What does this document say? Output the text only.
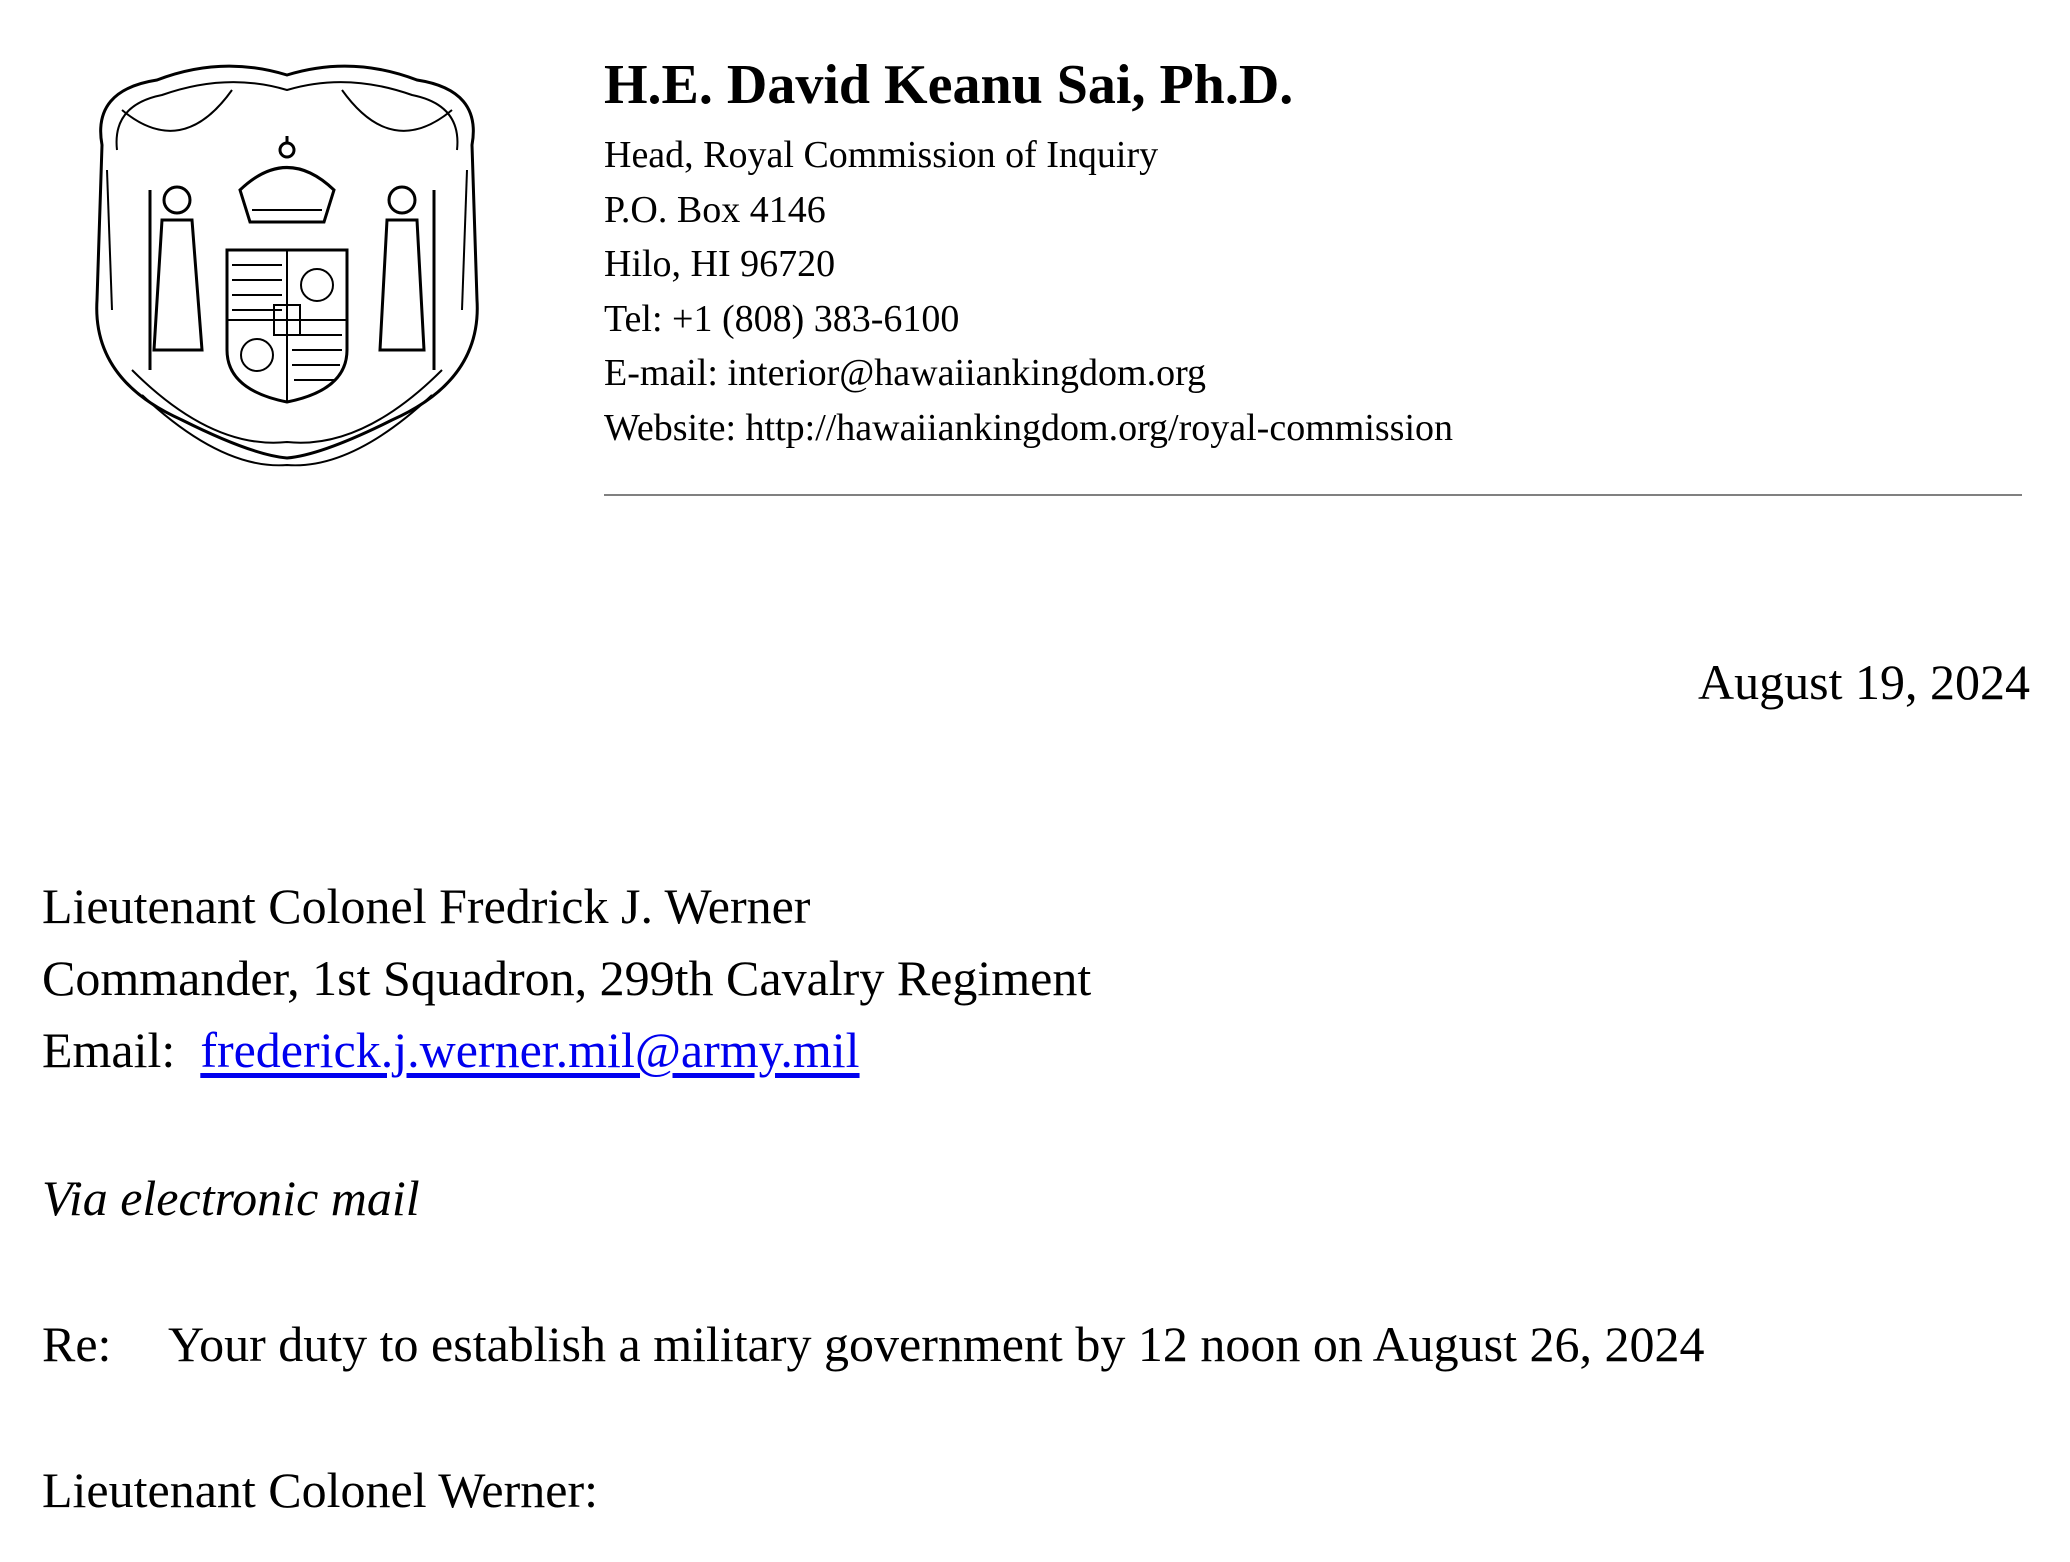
H.E. David Keanu Sai, Ph.D.
Head, Royal Commission of Inquiry
P.O. Box 4146
Hilo, HI 96720
Tel: +1 (808) 383-6100
E-mail: interior@hawaiiankingdom.org
Website: http://hawaiiankingdom.org/royal-commission
August 19, 2024
Lieutenant Colonel Fredrick J. Werner
Commander, 1st Squadron, 299th Cavalry Regiment
Email: frederick.j.werner.mil@army.mil
Via electronic mail
Re: Your duty to establish a military government by 12 noon on August 26, 2024
Lieutenant Colonel Werner:
